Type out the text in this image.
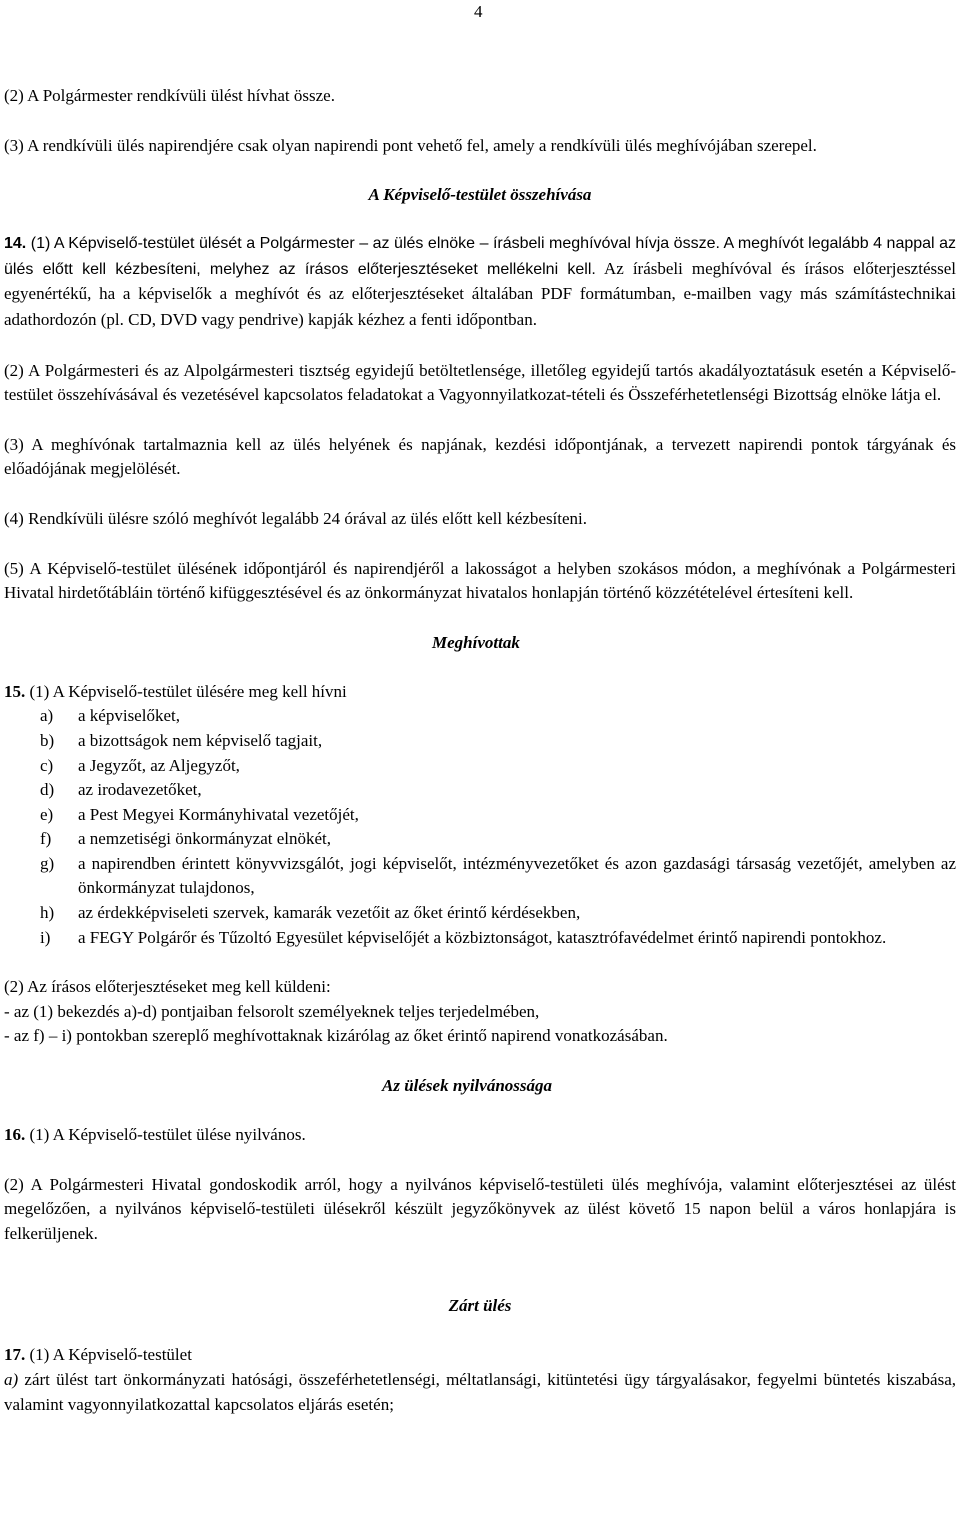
4

(2) A Polgármester rendkívüli ülést hívhat össze.

(3) A rendkívüli ülés napirendjére csak olyan napirendi pont vehető fel, amely a rendkívüli ülés meghívójában szerepel.

A Képviselő-testület összehívása

14. (1) A Képviselő-testület ülését a Polgármester – az ülés elnöke – írásbeli meghívóval hívja össze. A meghívót legalább 4 nappal az ülés előtt kell kézbesíteni, melyhez az írásos előterjesztéseket mellékelni kell. Az írásbeli meghívóval és írásos előterjesztéssel egyenértékű, ha a képviselők a meghívót és az előterjesztéseket általában PDF formátumban, e-mailben vagy más számítástechnikai adathordozón (pl. CD, DVD vagy pendrive) kapják kézhez a fenti időpontban.

(2) A Polgármesteri és az Alpolgármesteri tisztség egyidejű betöltetlensége, illetőleg egyidejű tartós akadályoztatásuk esetén a Képviselő-testület összehívásával és vezetésével kapcsolatos feladatokat a Vagyonnyilatkozat-tételi és Összeférhetetlenségi Bizottság elnöke látja el.

(3) A meghívónak tartalmaznia kell az ülés helyének és napjának, kezdési időpontjának, a tervezett napirendi pontok tárgyának és előadójának megjelölését.

(4) Rendkívüli ülésre szóló meghívót legalább 24 órával az ülés előtt kell kézbesíteni.

(5) A Képviselő-testület ülésének időpontjáról és napirendjéről a lakosságot a helyben szokásos módon, a meghívónak a Polgármesteri Hivatal hirdetőtábláin történő kifüggesztésével és az önkormányzat hivatalos honlapján történő közzétételével értesíteni kell.

Meghívottak

15. (1) A Képviselő-testület ülésére meg kell hívni

a)	a képviselőket,
b)	a bizottságok nem képviselő tagjait,
c)	a Jegyzőt, az Aljegyzőt,
d)	az irodavezetőket,
e)	a Pest Megyei Kormányhivatal vezetőjét,
f)	a nemzetiségi önkormányzat elnökét,
g)	a napirendben érintett könyvvizsgálót, jogi képviselőt, intézményvezetőket és azon gazdasági társaság vezetőjét, amelyben az önkormányzat tulajdonos,
h)	az érdekképviseleti szervek, kamarák vezetőit az őket érintő kérdésekben,
i)	a FEGY Polgárőr és Tűzoltó Egyesület képviselőjét a közbiztonságot, katasztrófavédelmet érintő napirendi pontokhoz.

(2) Az írásos előterjesztéseket meg kell küldeni:

- az (1) bekezdés a)-d) pontjaiban felsorolt személyeknek teljes terjedelmében,

- az f) – i) pontokban szereplő meghívottaknak kizárólag az őket érintő napirend vonatkozásában.

Az ülések nyilvánossága

16. (1) A Képviselő-testület ülése nyilvános.

(2) A Polgármesteri Hivatal gondoskodik arról, hogy a nyilvános képviselő-testületi ülés meghívója, valamint előterjesztései az ülést megelőzően, a nyilvános képviselő-testületi ülésekről készült jegyzőkönyvek az ülést követő 15 napon belül a város honlapjára is felkerüljenek.

Zárt ülés

17. (1) A Képviselő-testület

a) zárt ülést tart önkormányzati hatósági, összeférhetetlenségi, méltatlansági, kitüntetési ügy tárgyalásakor, fegyelmi büntetés kiszabása, valamint vagyonnyilatkozattal kapcsolatos eljárás esetén;
